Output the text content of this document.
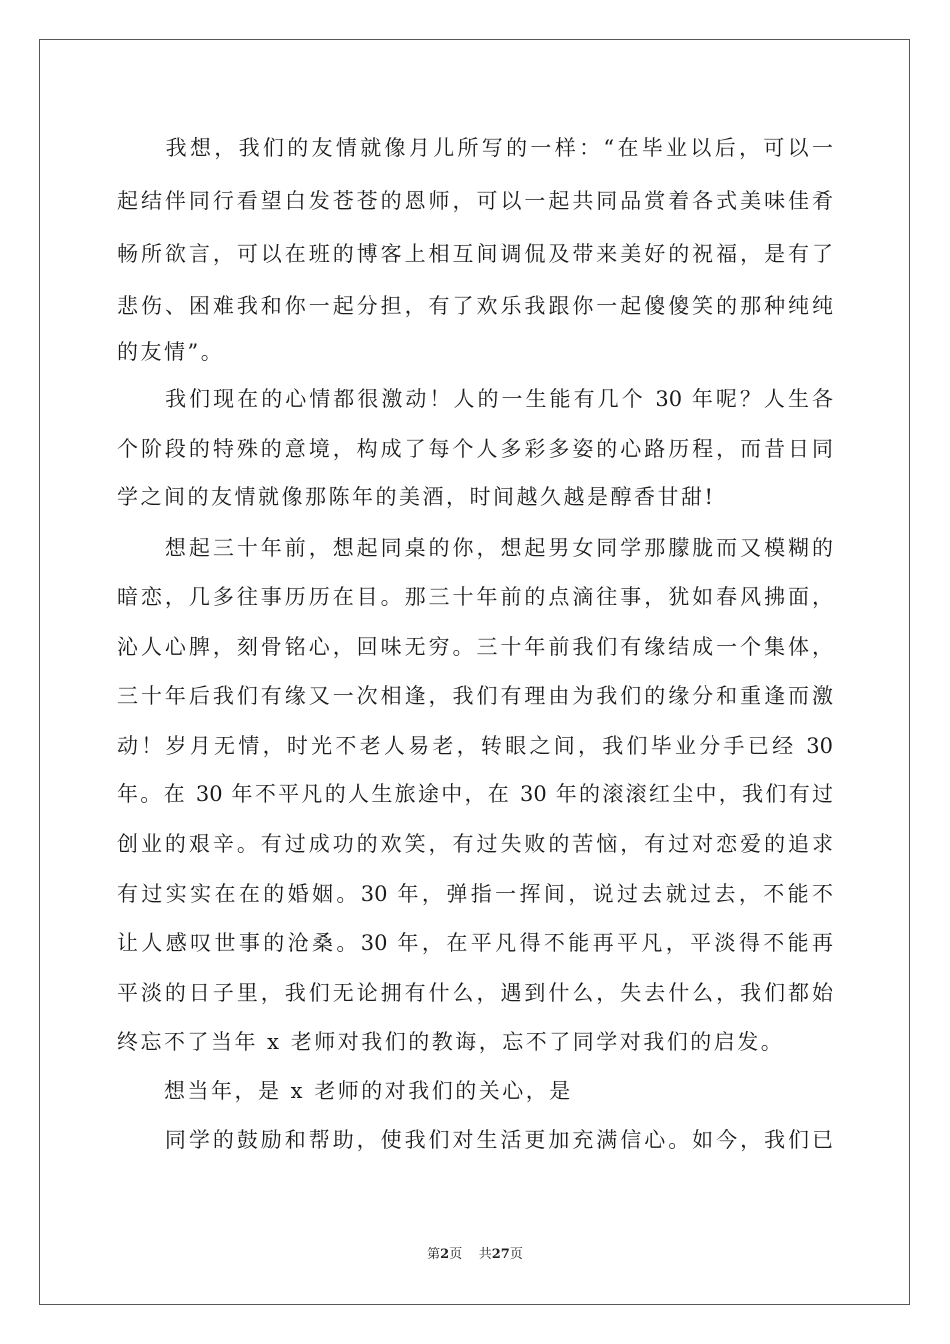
　　我想，我们的友情就像月儿所写的一样：“在毕业以后，可以一
起结伴同行看望白发苍苍的恩师，可以一起共同品赏着各式美味佳肴
畅所欲言，可以在班的博客上相互间调侃及带来美好的祝福，是有了
悲伤、困难我和你一起分担，有了欢乐我跟你一起傻傻笑的那种纯纯
的友情”。
　　我们现在的心情都很激动！人的一生能有几个 30 年呢？人生各
个阶段的特殊的意境，构成了每个人多彩多姿的心路历程，而昔日同
学之间的友情就像那陈年的美酒，时间越久越是醇香甘甜!
　　想起三十年前，想起同桌的你，想起男女同学那朦胧而又模糊的
暗恋，几多往事历历在目。那三十年前的点滴往事，犹如春风拂面，
沁人心脾，刻骨铭心，回味无穷。三十年前我们有缘结成一个集体，
三十年后我们有缘又一次相逢，我们有理由为我们的缘分和重逢而激
动！岁月无情，时光不老人易老，转眼之间，我们毕业分手已经 30
年。在 30 年不平凡的人生旅途中，在 30 年的滚滚红尘中，我们有过
创业的艰辛。有过成功的欢笑，有过失败的苦恼，有过对恋爱的追求
有过实实在在的婚姻。30 年，弹指一挥间，说过去就过去，不能不
让人感叹世事的沧桑。30 年，在平凡得不能再平凡，平淡得不能再
平淡的日子里，我们无论拥有什么，遇到什么，失去什么，我们都始
终忘不了当年 x 老师对我们的教诲，忘不了同学对我们的启发。
　　想当年，是 x 老师的对我们的关心，是
　　同学的鼓励和帮助，使我们对生活更加充满信心。如今，我们已
第2页 共27页
